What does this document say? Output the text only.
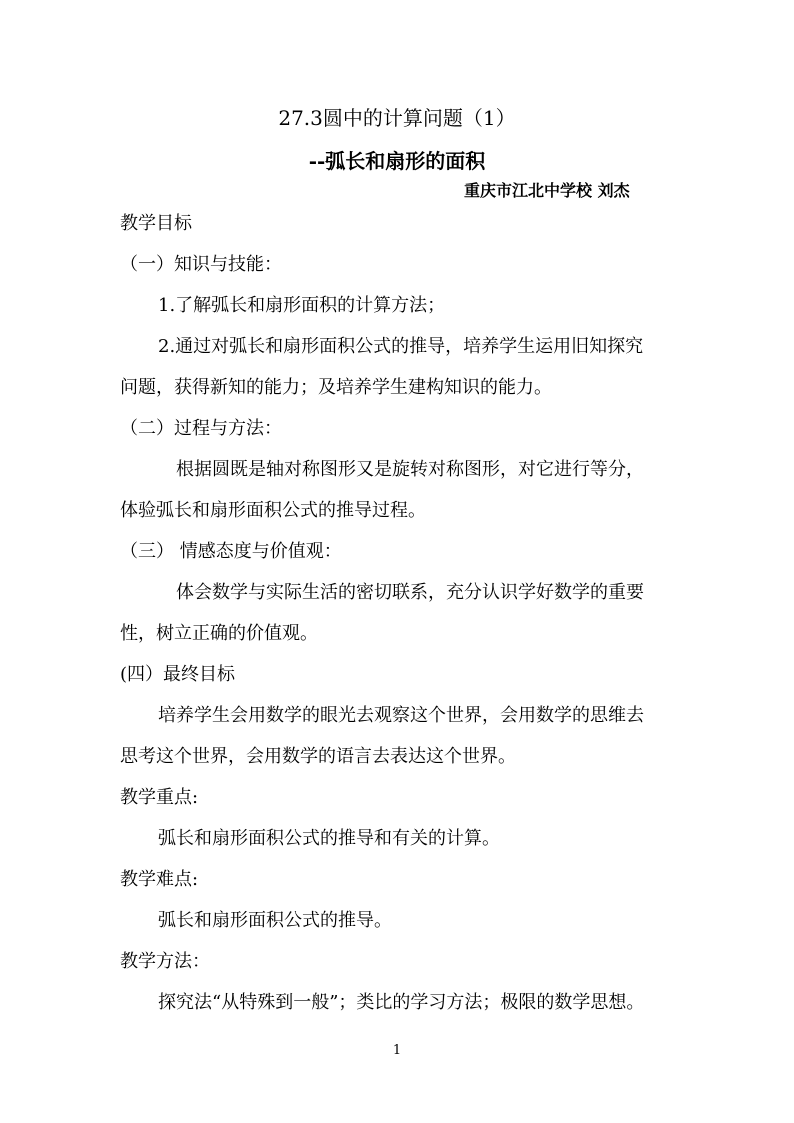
27.3圆中的计算问题（1）
--弧长和扇形的面积
重庆市江北中学校 刘杰
教学目标
（一）知识与技能：
1.了解弧长和扇形面积的计算方法；
2.通过对弧长和扇形面积公式的推导，培养学生运用旧知探究
问题，获得新知的能力；及培养学生建构知识的能力。
（二）过程与方法：
根据圆既是轴对称图形又是旋转对称图形，对它进行等分，
体验弧长和扇形面积公式的推导过程。
（三） 情感态度与价值观：
体会数学与实际生活的密切联系，充分认识学好数学的重要
性，树立正确的价值观。
(四）最终目标
培养学生会用数学的眼光去观察这个世界，会用数学的思维去
思考这个世界，会用数学的语言去表达这个世界。
教学重点:
弧长和扇形面积公式的推导和有关的计算。
教学难点:
弧长和扇形面积公式的推导。
教学方法：
探究法“从特殊到一般”；类比的学习方法；极限的数学思想。
1
